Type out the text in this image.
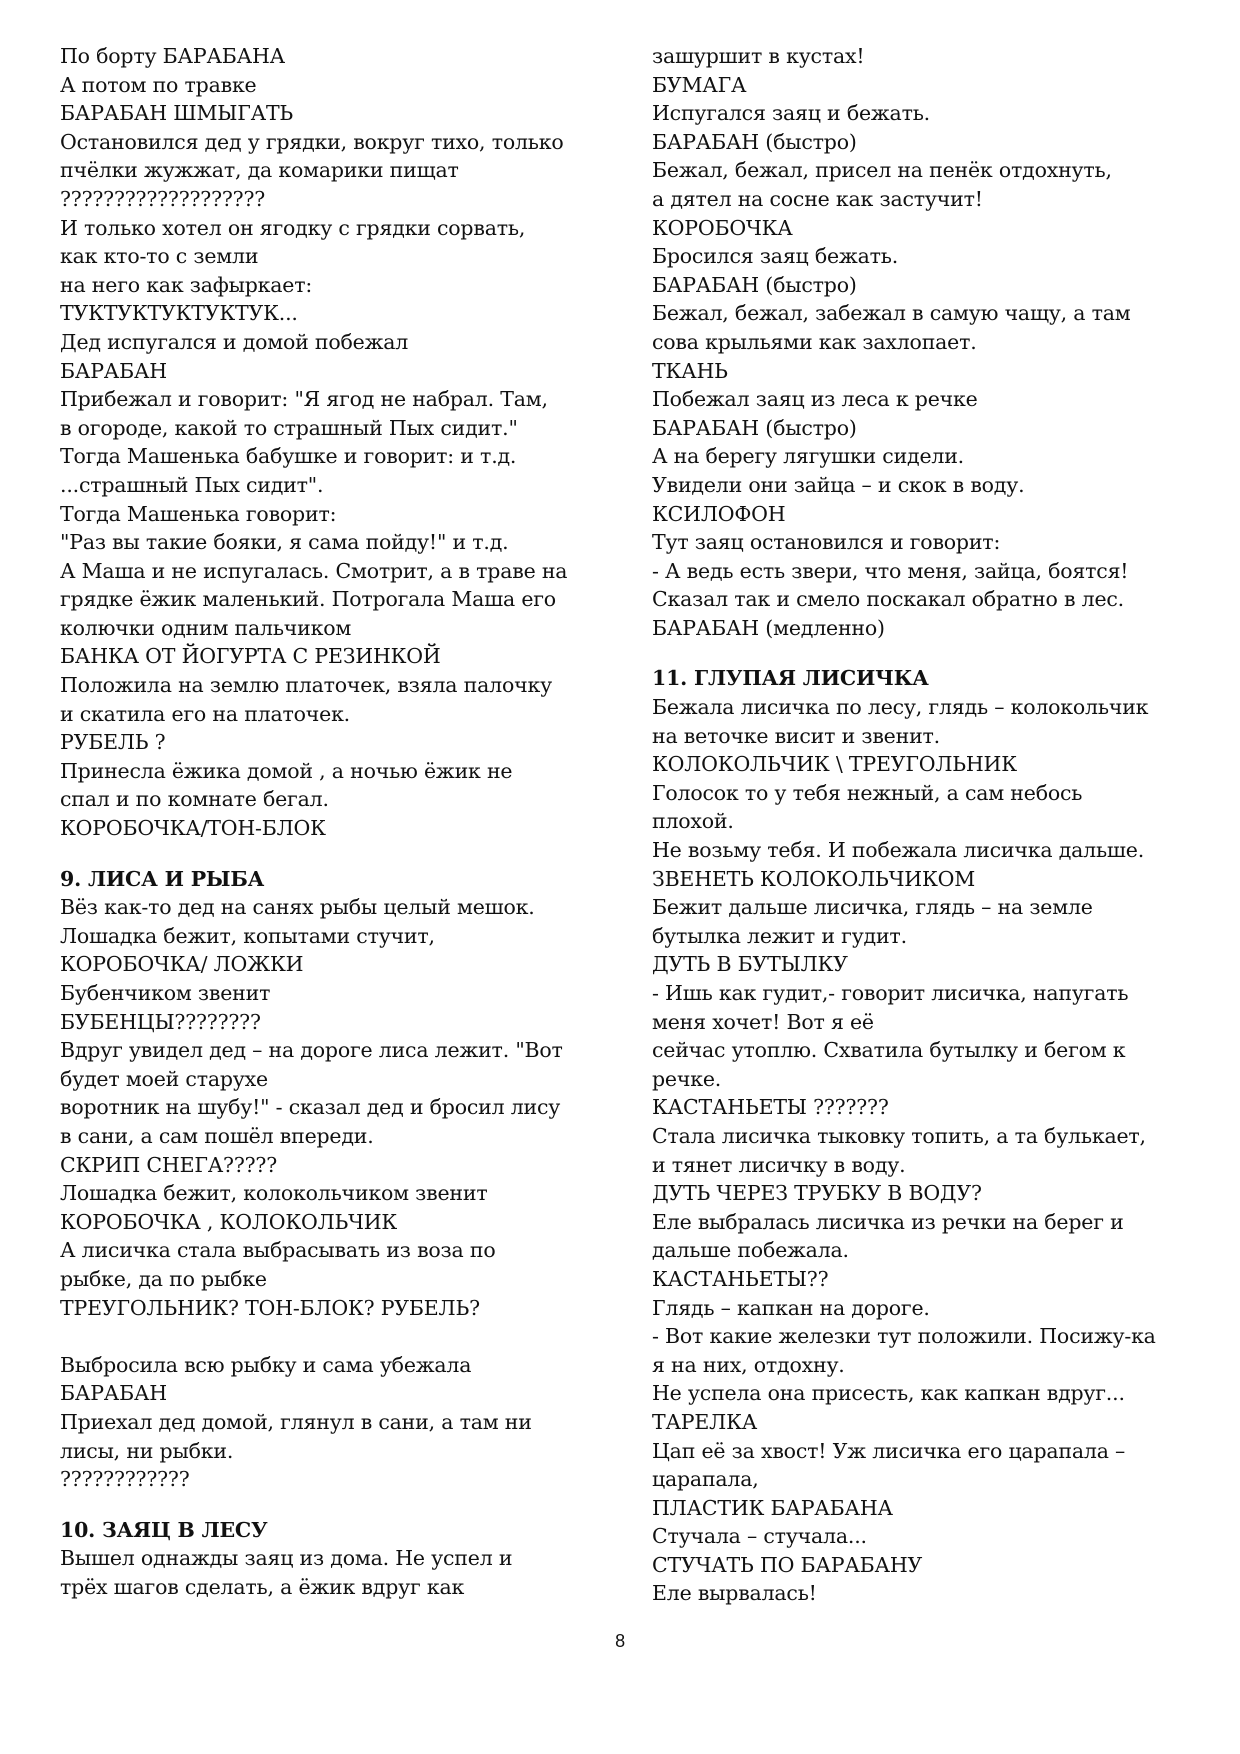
По борту БАРАБАНА
А потом по травке
БАРАБАН ШМЫГАТЬ
Остановился дед у грядки, вокруг тихо, только
пчёлки жужжат, да комарики пищат
???????????????????
И только хотел он ягодку с грядки сорвать,
как кто-то с земли
на него как зафыркает:
ТУКТУКТУКТУКТУК...
Дед испугался и домой побежал
БАРАБАН
Прибежал и говорит: "Я ягод не набрал. Там,
в огороде, какой то страшный Пых сидит."
Тогда Машенька бабушке и говорит: и т.д.
...страшный Пых сидит".
Тогда Машенька говорит:
"Раз вы такие бояки, я сама пойду!" и т.д.
А Маша и не испугалась. Смотрит, а в траве на
грядке ёжик маленький. Потрогала Маша его
колючки одним пальчиком
БАНКА ОТ ЙОГУРТА С РЕЗИНКОЙ
Положила на землю платочек, взяла палочку
и скатила его на платочек.
РУБЕЛЬ ?
Принесла ёжика домой , а ночью ёжик не
спал и по комнате бегал.
КОРОБОЧКА/ТОН-БЛОК
9. ЛИСА И РЫБА
Вёз как-то дед на санях рыбы целый мешок.
Лошадка бежит, копытами стучит,
КОРОБОЧКА/ ЛОЖКИ
Бубенчиком звенит
БУБЕНЦЫ????????
Вдруг увидел дед – на дороге лиса лежит. "Вот
будет моей старухе
воротник на шубу!" - сказал дед и бросил лису
в сани, а сам пошёл впереди.
СКРИП СНЕГА?????
Лошадка бежит, колокольчиком звенит
КОРОБОЧКА , КОЛОКОЛЬЧИК
А лисичка стала выбрасывать из воза по
рыбке, да по рыбке
ТРЕУГОЛЬНИК? ТОН-БЛОК? РУБЕЛЬ?
Выбросила всю рыбку и сама убежала
БАРАБАН
Приехал дед домой, глянул в сани, а там ни
лисы, ни рыбки.
????????????
10. ЗАЯЦ В ЛЕСУ
Вышел однажды заяц из дома. Не успел и
трёх шагов сделать, а ёжик вдруг как
зашуршит в кустах!
БУМАГА
Испугался заяц и бежать.
БАРАБАН (быстро)
Бежал, бежал, присел на пенёк отдохнуть,
а дятел на сосне как застучит!
КОРОБОЧКА
Бросился заяц бежать.
БАРАБАН (быстро)
Бежал, бежал, забежал в самую чащу, а там
сова крыльями как захлопает.
ТКАНЬ
Побежал заяц из леса к речке
БАРАБАН (быстро)
А на берегу лягушки сидели.
Увидели они зайца – и скок в воду.
КСИЛОФОН
Тут заяц остановился и говорит:
- А ведь есть звери, что меня, зайца, боятся!
Сказал так и смело поскакал обратно в лес.
БАРАБАН (медленно)
11. ГЛУПАЯ ЛИСИЧКА
Бежала лисичка по лесу, глядь – колокольчик
на веточке висит и звенит.
КОЛОКОЛЬЧИК \ ТРЕУГОЛЬНИК
Голосок то у тебя нежный, а сам небось
плохой.
Не возьму тебя. И побежала лисичка дальше.
ЗВЕНЕТЬ КОЛОКОЛЬЧИКОМ
Бежит дальше лисичка, глядь – на земле
бутылка лежит и гудит.
ДУТЬ В БУТЫЛКУ
- Ишь как гудит,- говорит лисичка, напугать
меня хочет! Вот я её
сейчас утоплю. Схватила бутылку и бегом к
речке.
КАСТАНЬЕТЫ ???????
Стала лисичка тыковку топить, а та булькает,
и тянет лисичку в воду.
ДУТЬ ЧЕРЕЗ ТРУБКУ В ВОДУ?
Еле выбралась лисичка из речки на берег и
дальше побежала.
КАСТАНЬЕТЫ??
Глядь – капкан на дороге.
- Вот какие железки тут положили. Посижу-ка
я на них, отдохну.
Не успела она присесть, как капкан вдруг...
ТАРЕЛКА
Цап её за хвост! Уж лисичка его царапала –
царапала,
ПЛАСТИК БАРАБАНА
Стучала – стучала...
СТУЧАТЬ ПО БАРАБАНУ
Еле вырвалась!
8
